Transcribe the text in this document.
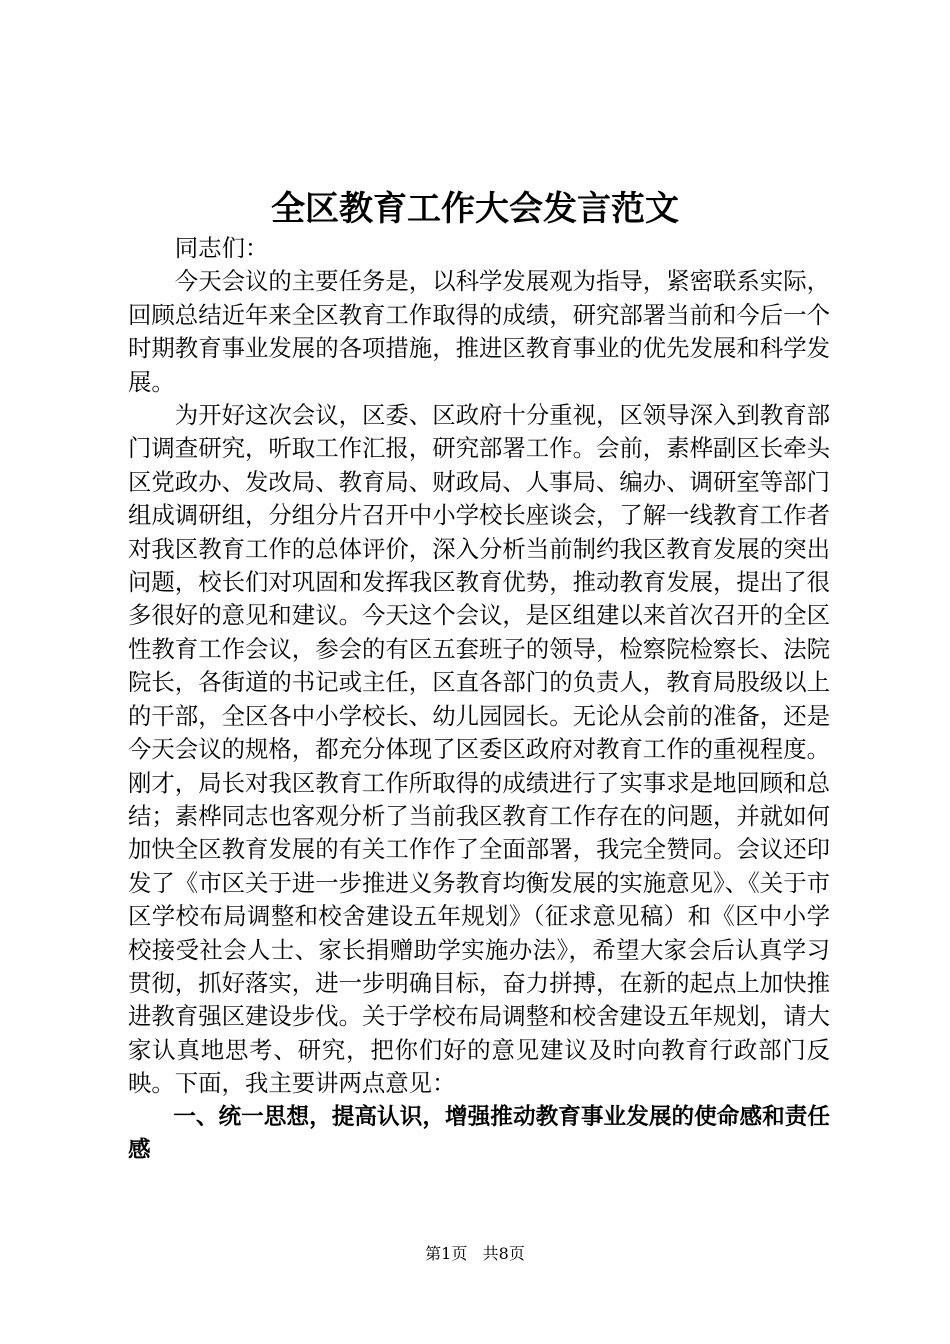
全区教育工作大会发言范文

同志们：

今天会议的主要任务是，以科学发展观为指导，紧密联系实际，回顾总结近年来全区教育工作取得的成绩，研究部署当前和今后一个时期教育事业发展的各项措施，推进区教育事业的优先发展和科学发展。

为开好这次会议，区委、区政府十分重视，区领导深入到教育部门调查研究，听取工作汇报，研究部署工作。会前，素桦副区长牵头区党政办、发改局、教育局、财政局、人事局、编办、调研室等部门组成调研组，分组分片召开中小学校长座谈会，了解一线教育工作者对我区教育工作的总体评价，深入分析当前制约我区教育发展的突出问题，校长们对巩固和发挥我区教育优势，推动教育发展，提出了很多很好的意见和建议。今天这个会议，是区组建以来首次召开的全区性教育工作会议，参会的有区五套班子的领导，检察院检察长、法院院长，各街道的书记或主任，区直各部门的负责人，教育局股级以上的干部，全区各中小学校长、幼儿园园长。无论从会前的准备，还是今天会议的规格，都充分体现了区委区政府对教育工作的重视程度。刚才，局长对我区教育工作所取得的成绩进行了实事求是地回顾和总结；素桦同志也客观分析了当前我区教育工作存在的问题，并就如何加快全区教育发展的有关工作作了全面部署，我完全赞同。会议还印发了《市区关于进一步推进义务教育均衡发展的实施意见》、《关于市区学校布局调整和校舍建设五年规划》（征求意见稿）和《区中小学校接受社会人士、家长捐赠助学实施办法》，希望大家会后认真学习贯彻，抓好落实，进一步明确目标，奋力拼搏，在新的起点上加快推进教育强区建设步伐。关于学校布局调整和校舍建设五年规划，请大家认真地思考、研究，把你们好的意见建议及时向教育行政部门反映。下面，我主要讲两点意见：

一、统一思想，提高认识，增强推动教育事业发展的使命感和责任感

第1页 共8页
